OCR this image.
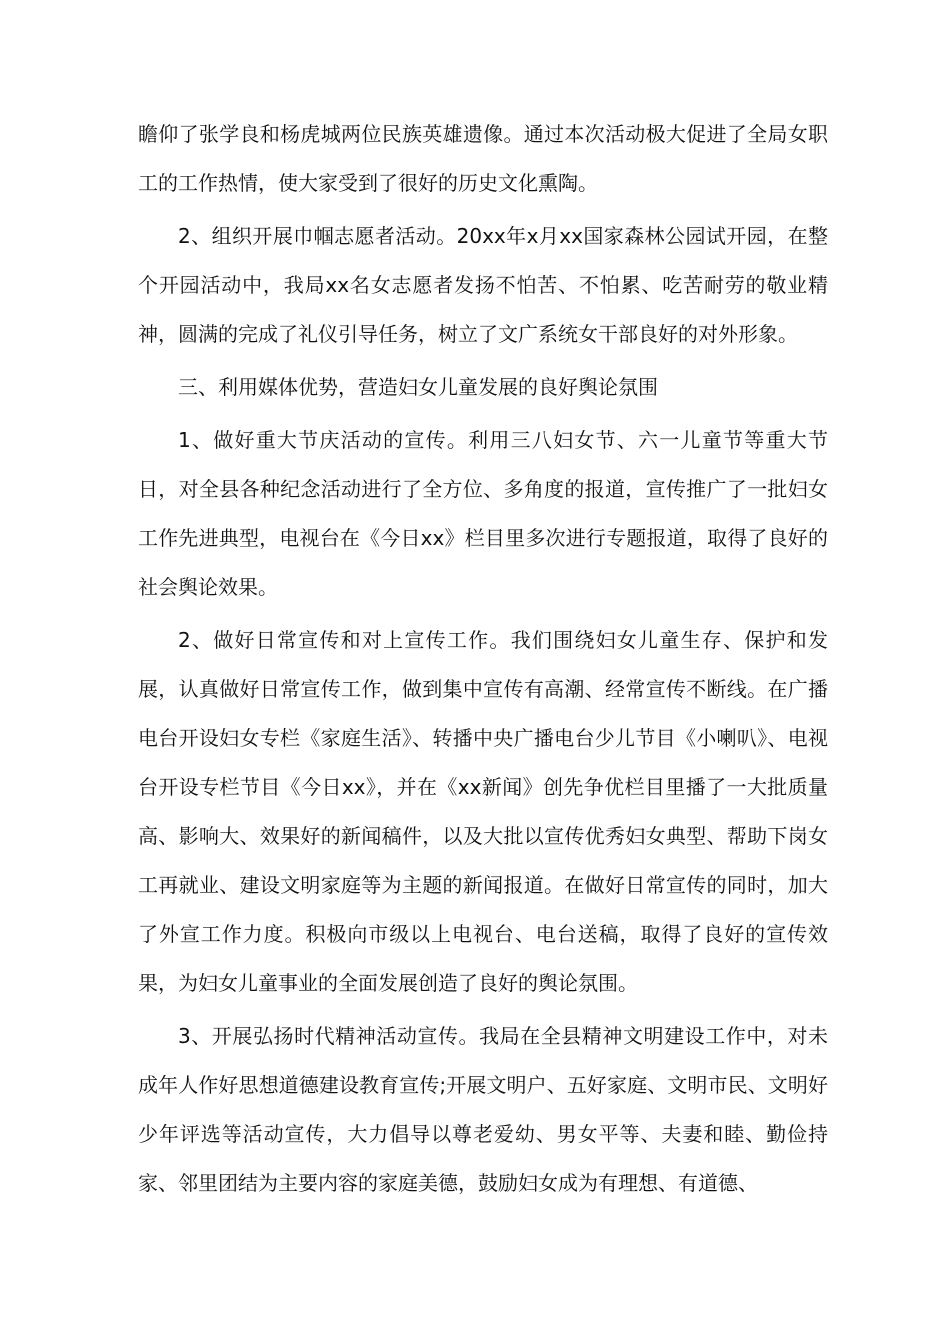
瞻仰了张学良和杨虎城两位民族英雄遗像。通过本次活动极大促进了全局女职工的工作热情，使大家受到了很好的历史文化熏陶。

2、组织开展巾帼志愿者活动。20xx年x月xx国家森林公园试开园，在整个开园活动中，我局xx名女志愿者发扬不怕苦、不怕累、吃苦耐劳的敬业精神，圆满的完成了礼仪引导任务，树立了文广系统女干部良好的对外形象。

三、利用媒体优势，营造妇女儿童发展的良好舆论氛围

1、做好重大节庆活动的宣传。利用三八妇女节、六一儿童节等重大节日，对全县各种纪念活动进行了全方位、多角度的报道，宣传推广了一批妇女工作先进典型，电视台在《今日xx》栏目里多次进行专题报道，取得了良好的社会舆论效果。

2、做好日常宣传和对上宣传工作。我们围绕妇女儿童生存、保护和发展，认真做好日常宣传工作，做到集中宣传有高潮、经常宣传不断线。在广播电台开设妇女专栏《家庭生活》、转播中央广播电台少儿节目《小喇叭》、电视台开设专栏节目《今日xx》，并在《xx新闻》创先争优栏目里播了一大批质量高、影响大、效果好的新闻稿件，以及大批以宣传优秀妇女典型、帮助下岗女工再就业、建设文明家庭等为主题的新闻报道。在做好日常宣传的同时，加大了外宣工作力度。积极向市级以上电视台、电台送稿，取得了良好的宣传效果，为妇女儿童事业的全面发展创造了良好的舆论氛围。

3、开展弘扬时代精神活动宣传。我局在全县精神文明建设工作中，对未成年人作好思想道德建设教育宣传;开展文明户、五好家庭、文明市民、文明好少年评选等活动宣传，大力倡导以尊老爱幼、男女平等、夫妻和睦、勤俭持家、邻里团结为主要内容的家庭美德，鼓励妇女成为有理想、有道德、
